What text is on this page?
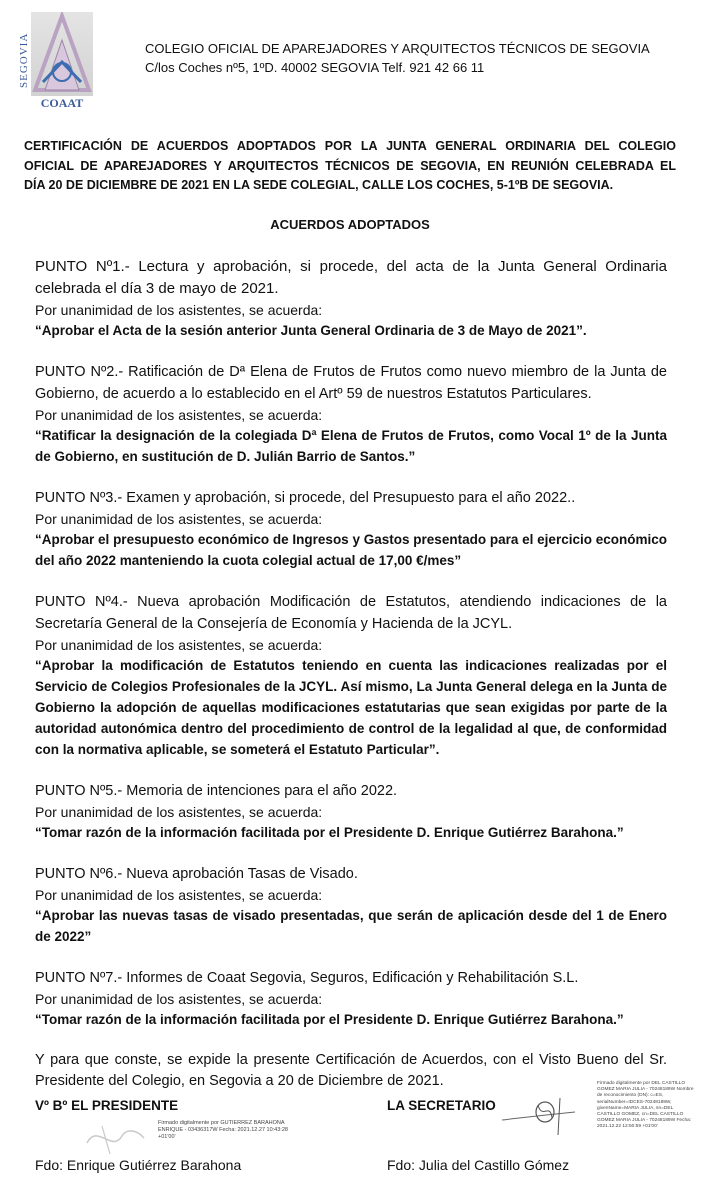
SEGOVIA
COAAT
COLEGIO OFICIAL DE APAREJADORES Y ARQUITECTOS TÉCNICOS DE SEGOVIA
C/los Coches nº5, 1ºD. 40002 SEGOVIA Telf. 921 42 66 11
CERTIFICACIÓN DE ACUERDOS ADOPTADOS POR LA JUNTA GENERAL ORDINARIA DEL COLEGIO
OFICIAL DE APAREJADORES Y ARQUITECTOS TÉCNICOS DE SEGOVIA, EN REUNIÓN CELEBRADA EL
DÍA 20 DE DICIEMBRE DE 2021 EN LA SEDE COLEGIAL, CALLE LOS COCHES, 5-1ºB DE SEGOVIA.
ACUERDOS ADOPTADOS
PUNTO Nº1.- Lectura y aprobación, si procede, del acta de la Junta General Ordinaria celebrada el día 3 de mayo de 2021.
Por unanimidad de los asistentes, se acuerda:
“Aprobar el Acta de la sesión anterior Junta General Ordinaria de 3 de Mayo de 2021”.
PUNTO Nº2.- Ratificación de Dª Elena de Frutos de Frutos como nuevo miembro de la Junta de Gobierno, de acuerdo a lo establecido en el Artº 59 de nuestros Estatutos Particulares.
Por unanimidad de los asistentes, se acuerda:
“Ratificar la designación de la colegiada Dª Elena de Frutos de Frutos, como Vocal 1º de la Junta de Gobierno, en sustitución de D. Julián Barrio de Santos.”
PUNTO Nº3.- Examen y aprobación, si procede, del Presupuesto para el año 2022..
Por unanimidad de los asistentes, se acuerda:
“Aprobar el presupuesto económico de Ingresos y Gastos presentado para el ejercicio económico del año 2022 manteniendo la cuota colegial actual de 17,00 €/mes”
PUNTO Nº4.- Nueva aprobación Modificación de Estatutos, atendiendo indicaciones de la Secretaría General de la Consejería de Economía y Hacienda de la JCYL.
Por unanimidad de los asistentes, se acuerda:
“Aprobar la modificación de Estatutos teniendo en cuenta las indicaciones realizadas por el Servicio de Colegios Profesionales de la JCYL. Así mismo, La Junta General delega en la Junta de Gobierno la adopción de aquellas modificaciones estatutarias que sean exigidas por parte de la autoridad autonómica dentro del procedimiento de control de la legalidad al que, de conformidad con la normativa aplicable, se someterá el Estatuto Particular”.
PUNTO Nº5.- Memoria de intenciones para el año 2022.
Por unanimidad de los asistentes, se acuerda:
“Tomar razón de la información facilitada por el Presidente D. Enrique Gutiérrez Barahona.”
PUNTO Nº6.- Nueva aprobación Tasas de Visado.
Por unanimidad de los asistentes, se acuerda:
“Aprobar las nuevas tasas de visado presentadas, que serán de aplicación desde del 1 de Enero de 2022”
PUNTO Nº7.- Informes de Coaat Segovia, Seguros, Edificación y Rehabilitación S.L.
Por unanimidad de los asistentes, se acuerda:
“Tomar razón de la información facilitada por el Presidente D. Enrique Gutiérrez Barahona.”
Y para que conste, se expide la presente Certificación de Acuerdos, con el Visto Bueno del Sr. Presidente del Colegio, en Segovia a 20 de Diciembre de 2021.
Vº Bº EL PRESIDENTE	LA SECRETARIO
Firmado digitalmente por GUTIERREZ BARAHONA ENRIQUE - 03436317W Fecha: 2021.12.27 10:43:28 +01'00'
Firmado digitalmente por DEL CASTILLO GOMEZ MARIA JULIA - 70248189W Nombre de reconocimiento (DN): c=ES, serialNumber=IDCES-70248189W, givenName=MARIA JULIA, sn=DEL CASTILLO GOMEZ, cn=DEL CASTILLO GOMEZ MARIA JULIA - 70248189W Fecha: 2021.12.22 12:50:59 +01'00'
Fdo: Enrique Gutiérrez Barahona	Fdo: Julia del Castillo Gómez
